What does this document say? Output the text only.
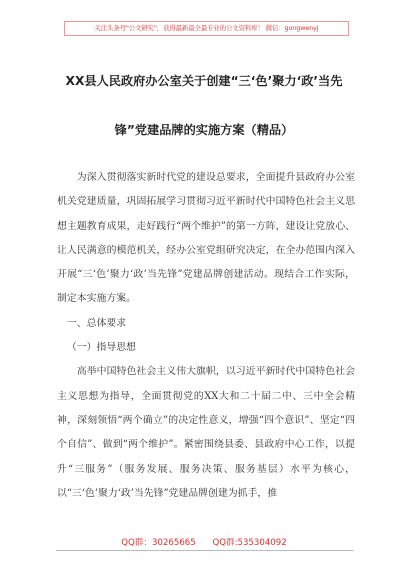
关注头条号"公文研究"，获得最新最全最专业的公文资料库！ 微信：gongwenyj
XX县人民政府办公室关于创建“三‘色’聚力‘政’当先
锋”党建品牌的实施方案（精品）

为深入贯彻落实新时代党的建设总要求，全面提升县政府办公室机关党建质量，巩固拓展学习贯彻习近平新时代中国特色社会主义思想主题教育成果，走好践行“两个维护”的第一方阵，建设让党放心、让人民满意的模范机关，经办公室党组研究决定，在全办范围内深入开展“三‘色’聚力‘政’当先锋”党建品牌创建活动。现结合工作实际，制定本实施方案。

一、总体要求

（一）指导思想

高举中国特色社会主义伟大旗帜，以习近平新时代中国特色社会主义思想为指导，全面贯彻党的XX大和二十届二中、三中全会精神，深刻领悟“两个确立”的决定性意义，增强“四个意识”、坚定“四个自信”、做到“两个维护”。紧密围绕县委、县政府中心工作，以提升“三服务”（服务发展、服务决策、服务基层）水平为核心，以“三‘色’聚力‘政’当先锋”党建品牌创建为抓手，推

QQ群：30265665 QQ群:535304092
